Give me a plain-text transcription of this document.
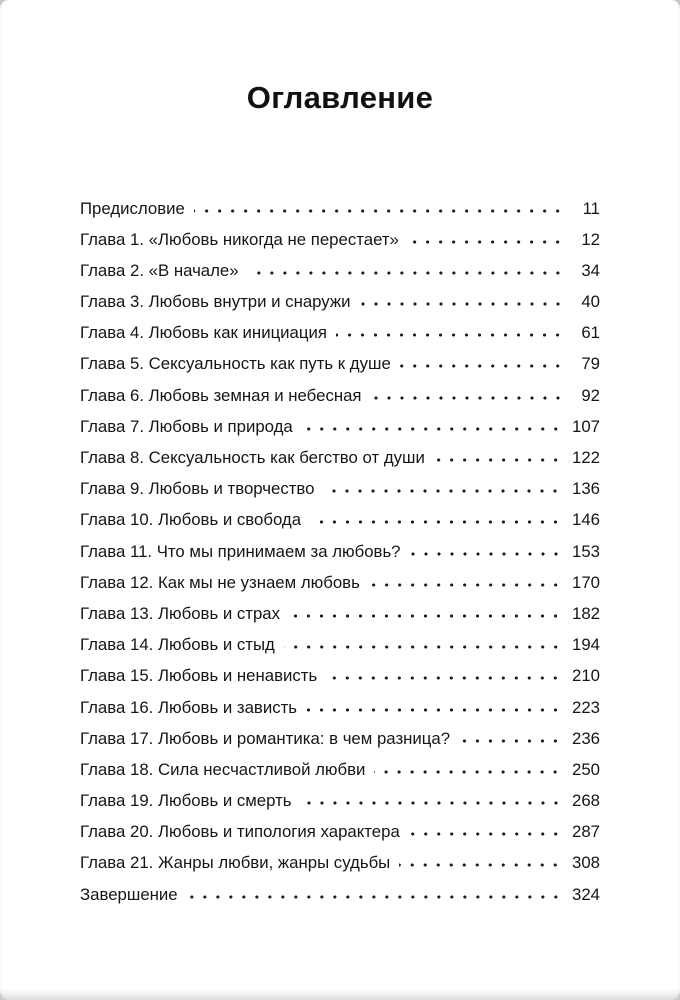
Оглавление
Предисловие	11
Глава 1. «Любовь никогда не перестает»	12
Глава 2. «В начале»	34
Глава 3. Любовь внутри и снаружи	40
Глава 4. Любовь как инициация	61
Глава 5. Сексуальность как путь к душе	79
Глава 6. Любовь земная и небесная	92
Глава 7. Любовь и природа	107
Глава 8. Сексуальность как бегство от души	122
Глава 9. Любовь и творчество	136
Глава 10. Любовь и свобода	146
Глава 11. Что мы принимаем за любовь?	153
Глава 12. Как мы не узнаем любовь	170
Глава 13. Любовь и страх	182
Глава 14. Любовь и стыд	194
Глава 15. Любовь и ненависть	210
Глава 16. Любовь и зависть	223
Глава 17. Любовь и романтика: в чем разница?	236
Глава 18. Сила несчастливой любви	250
Глава 19. Любовь и смерть	268
Глава 20. Любовь и типология характера	287
Глава 21. Жанры любви, жанры судьбы	308
Завершение	324
